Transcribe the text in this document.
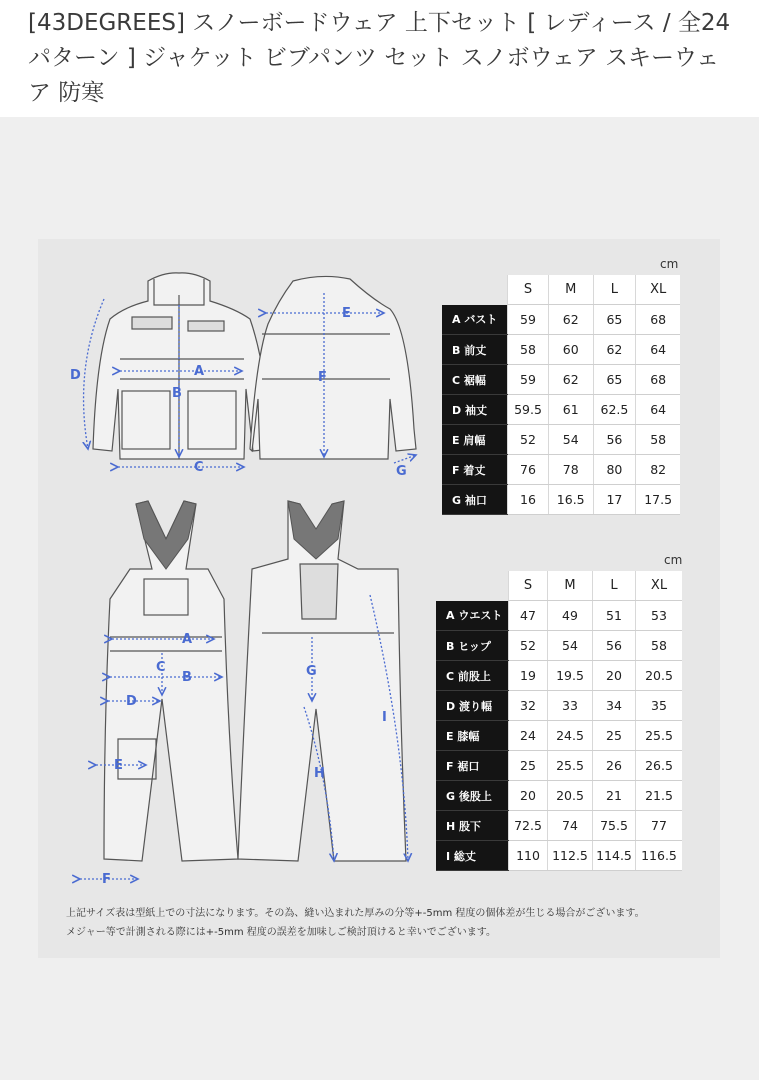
[43DEGREES] スノーボードウェア 上下セット [ レディース / 全24パターン ] ジャケット ビブパンツ セット スノボウェア スキーウェア 防寒
A
B
C
D
E
F
G
A
B
C
D
E
F
G
H
I
cm
	S	M	L	XL
A バスト	59	62	65	68
B 前丈	58	60	62	64
C 裾幅	59	62	65	68
D 袖丈	59.5	61	62.5	64
E 肩幅	52	54	56	58
F 着丈	76	78	80	82
G 袖口	16	16.5	17	17.5
cm
	S	M	L	XL
A ウエスト	47	49	51	53
B ヒップ	52	54	56	58
C 前股上	19	19.5	20	20.5
D 渡り幅	32	33	34	35
E 膝幅	24	24.5	25	25.5
F 裾口	25	25.5	26	26.5
G 後股上	20	20.5	21	21.5
H 股下	72.5	74	75.5	77
I 総丈	110	112.5	114.5	116.5

上記サイズ表は型紙上での寸法になります。その為、縫い込まれた厚みの分等+-5mm 程度の個体差が生じる場合がございます。
メジャー等で計測される際には+-5mm 程度の誤差を加味しご検討頂けると幸いでございます。
